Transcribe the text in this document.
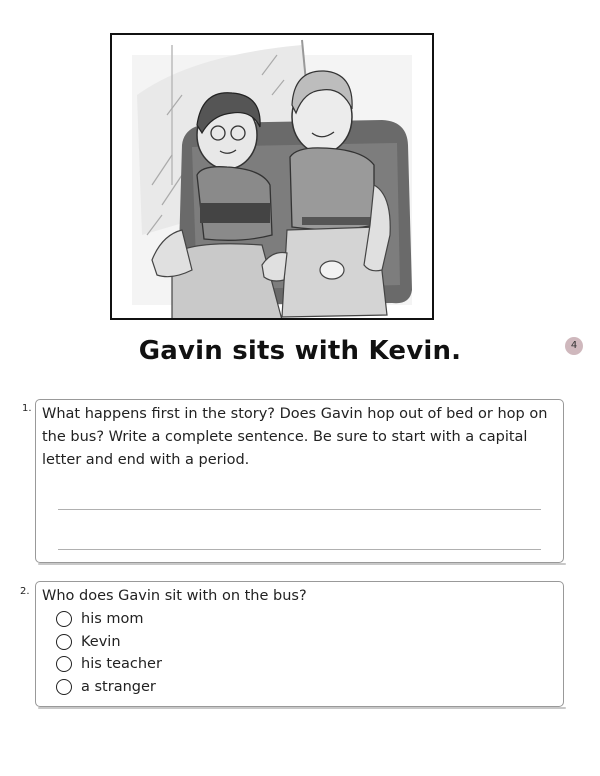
Gavin sits with Kevin.	4
1. What happens first in the story? Does Gavin hop out of bed or hop on the bus? Write a complete sentence. Be sure to start with a capital letter and end with a period.
2. Who does Gavin sit with on the bus?
his mom
Kevin
his teacher
a stranger
